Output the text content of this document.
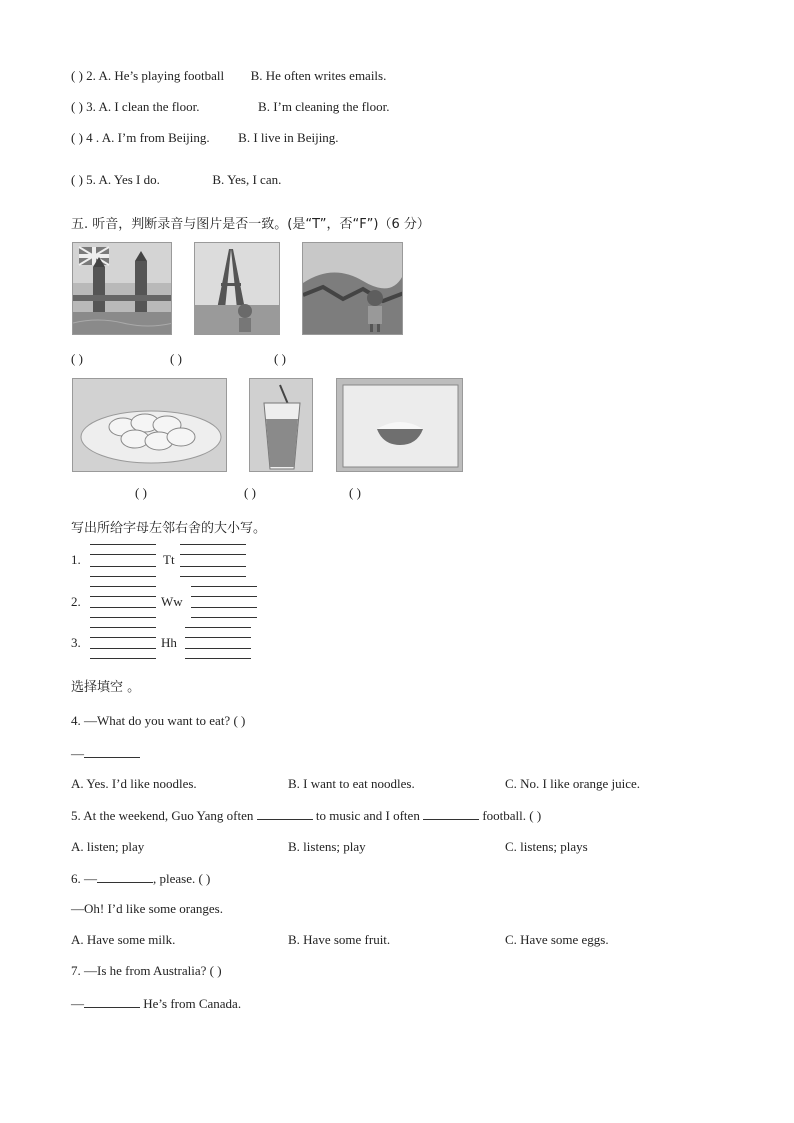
( ) 2. A. He’s playing football B. He often writes emails.
( ) 3. A. I clean the floor.	B. I’m cleaning the floor.
( ) 4 . A. I’m from Beijing. B. I live in Beijing.
( ) 5. A. Yes I do.	B. Yes, I can.
五. 听音，判断录音与图片是否一致。(是“T”，否“F”)（6 分）
( )	( )	( )
( )	( )	( )
写出所给字母左邻右舍的大小写。
1.	Tt
2.	Ww
3.	Hh
选择填空 。
4. —What do you want to eat? ( )
—
A. Yes. I’d like noodles.	B. I want to eat noodles.	C. No. I like orange juice.
5. At the weekend, Guo Yang often	to music and I often	football. ( )
A. listen; play	B. listens; play	C. listens; plays
6. —	, please. ( )
—Oh! I’d like some oranges.
A. Have some milk.	B. Have some fruit.	C. Have some eggs.
7. —Is he from Australia? ( )
—	He’s from Canada.
